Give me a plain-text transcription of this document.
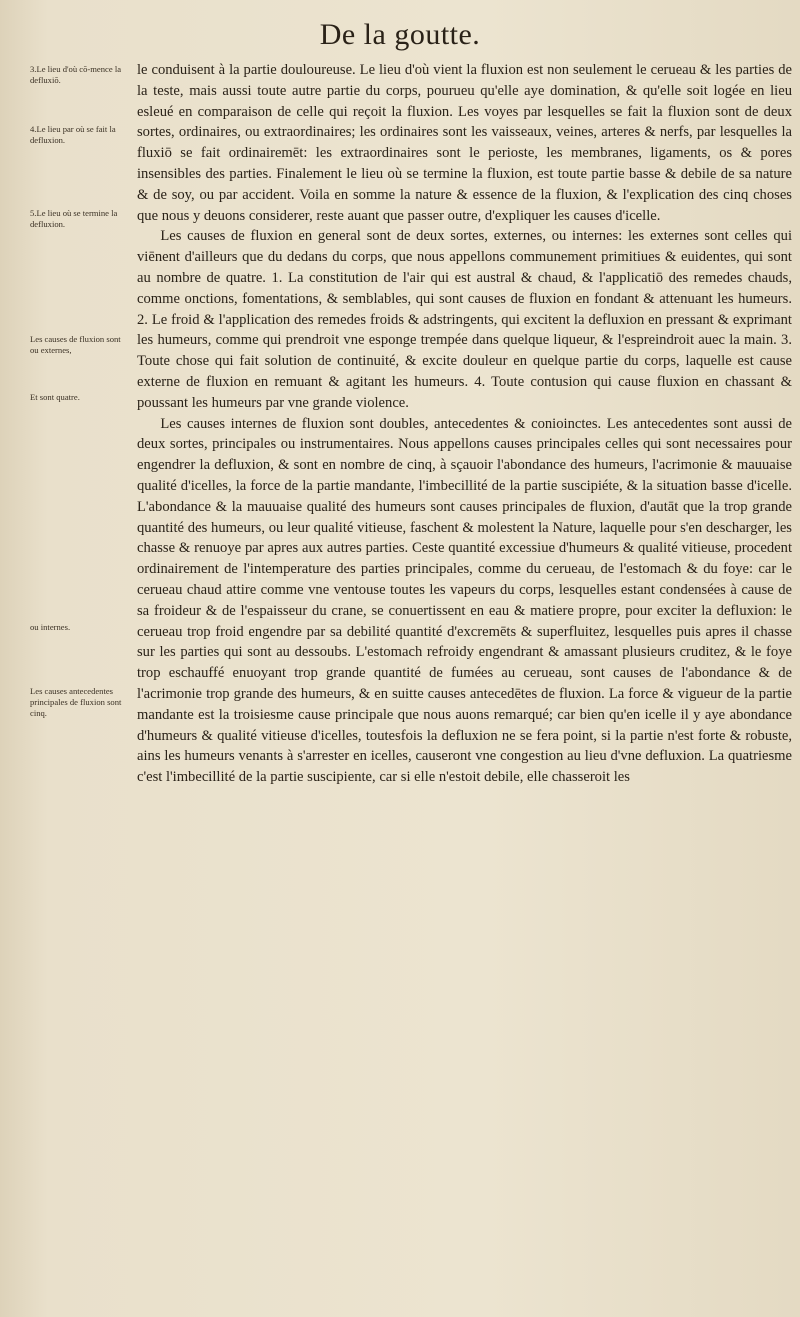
De la goutte.
3.Le lieu d'où cō-mence la defluxiō.
4.Le lieu par où se fait la defluxion.
5.Le lieu où se termine la defluxion.
Les causes de fluxion sont ou externes,
Et sont quatre.
ou internes.
Les causes antecedentes principales de fluxion sont cinq.

le conduisent à la partie douloureuse. Le lieu d'où vient la fluxion est non seulement le cerueau & les parties de la teste, mais aussi toute autre partie du corps, pourueu qu'elle aye domination, & qu'elle soit logée en lieu esleué en comparaison de celle qui reçoit la fluxion. Les voyes par lesquelles se fait la fluxion sont de deux sortes, ordinaires, ou extraordinaires; les ordinaires sont les vaisseaux, veines, arteres & nerfs, par lesquelles la fluxiō se fait ordinairemēt: les extraordinaires sont le perioste, les membranes, ligaments, os & pores insensibles des parties. Finalement le lieu où se termine la fluxion, est toute partie basse & debile de sa nature & de soy, ou par accident. Voila en somme la nature & essence de la fluxion, & l'explication des cinq choses que nous y deuons considerer, reste auant que passer outre, d'expliquer les causes d'icelle.

Les causes de fluxion en general sont de deux sortes, externes, ou internes: les externes sont celles qui viēnent d'ailleurs que du dedans du corps, que nous appellons communement primitiues & euidentes, qui sont au nombre de quatre. 1. La constitution de l'air qui est austral & chaud, & l'applicatiō des remedes chauds, comme onctions, fomentations, & semblables, qui sont causes de fluxion en fondant & attenuant les humeurs. 2. Le froid & l'application des remedes froids & adstringents, qui excitent la defluxion en pressant & exprimant les humeurs, comme qui prendroit vne esponge trempée dans quelque liqueur, & l'espreindroit auec la main. 3. Toute chose qui fait solution de continuité, & excite douleur en quelque partie du corps, laquelle est cause externe de fluxion en remuant & agitant les humeurs. 4. Toute contusion qui cause fluxion en chassant & poussant les humeurs par vne grande violence.

Les causes internes de fluxion sont doubles, antecedentes & conioinctes. Les antecedentes sont aussi de deux sortes, principales ou instrumentaires. Nous appellons causes principales celles qui sont necessaires pour engendrer la defluxion, & sont en nombre de cinq, à sçauoir l'abondance des humeurs, l'acrimonie & mauuaise qualité d'icelles, la force de la partie mandante, l'imbecillité de la partie suscipiéte, & la situation basse d'icelle. L'abondance & la mauuaise qualité des humeurs sont causes principales de fluxion, d'autāt que la trop grande quantité des humeurs, ou leur qualité vitieuse, faschent & molestent la Nature, laquelle pour s'en descharger, les chasse & renuoye par apres aux autres parties. Ceste quantité excessiue d'humeurs & qualité vitieuse, procedent ordinairement de l'intemperature des parties principales, comme du cerueau, de l'estomach & du foye: car le cerueau chaud attire comme vne ventouse toutes les vapeurs du corps, lesquelles estant condensées à cause de sa froideur & de l'espaisseur du crane, se conuertissent en eau & matiere propre, pour exciter la defluxion: le cerueau trop froid engendre par sa debilité quantité d'excremēts & superfluitez, lesquelles puis apres il chasse sur les parties qui sont au dessoubs. L'estomach refroidy engendrant & amassant plusieurs cruditez, & le foye trop eschauffé enuoyant trop grande quantité de fumées au cerueau, sont causes de l'abondance & de l'acrimonie trop grande des humeurs, & en suitte causes antecedētes de fluxion. La force & vigueur de la partie mandante est la troisiesme cause principale que nous auons remarqué; car bien qu'en icelle il y aye abondance d'humeurs & qualité vitieuse d'icelles, toutesfois la defluxion ne se fera point, si la partie n'est forte & robuste, ains les humeurs venants à s'arrester en icelles, causeront vne congestion au lieu d'vne defluxion. La quatriesme c'est l'imbecillité de la partie suscipiente, car si elle n'estoit debile, elle chasseroit les
